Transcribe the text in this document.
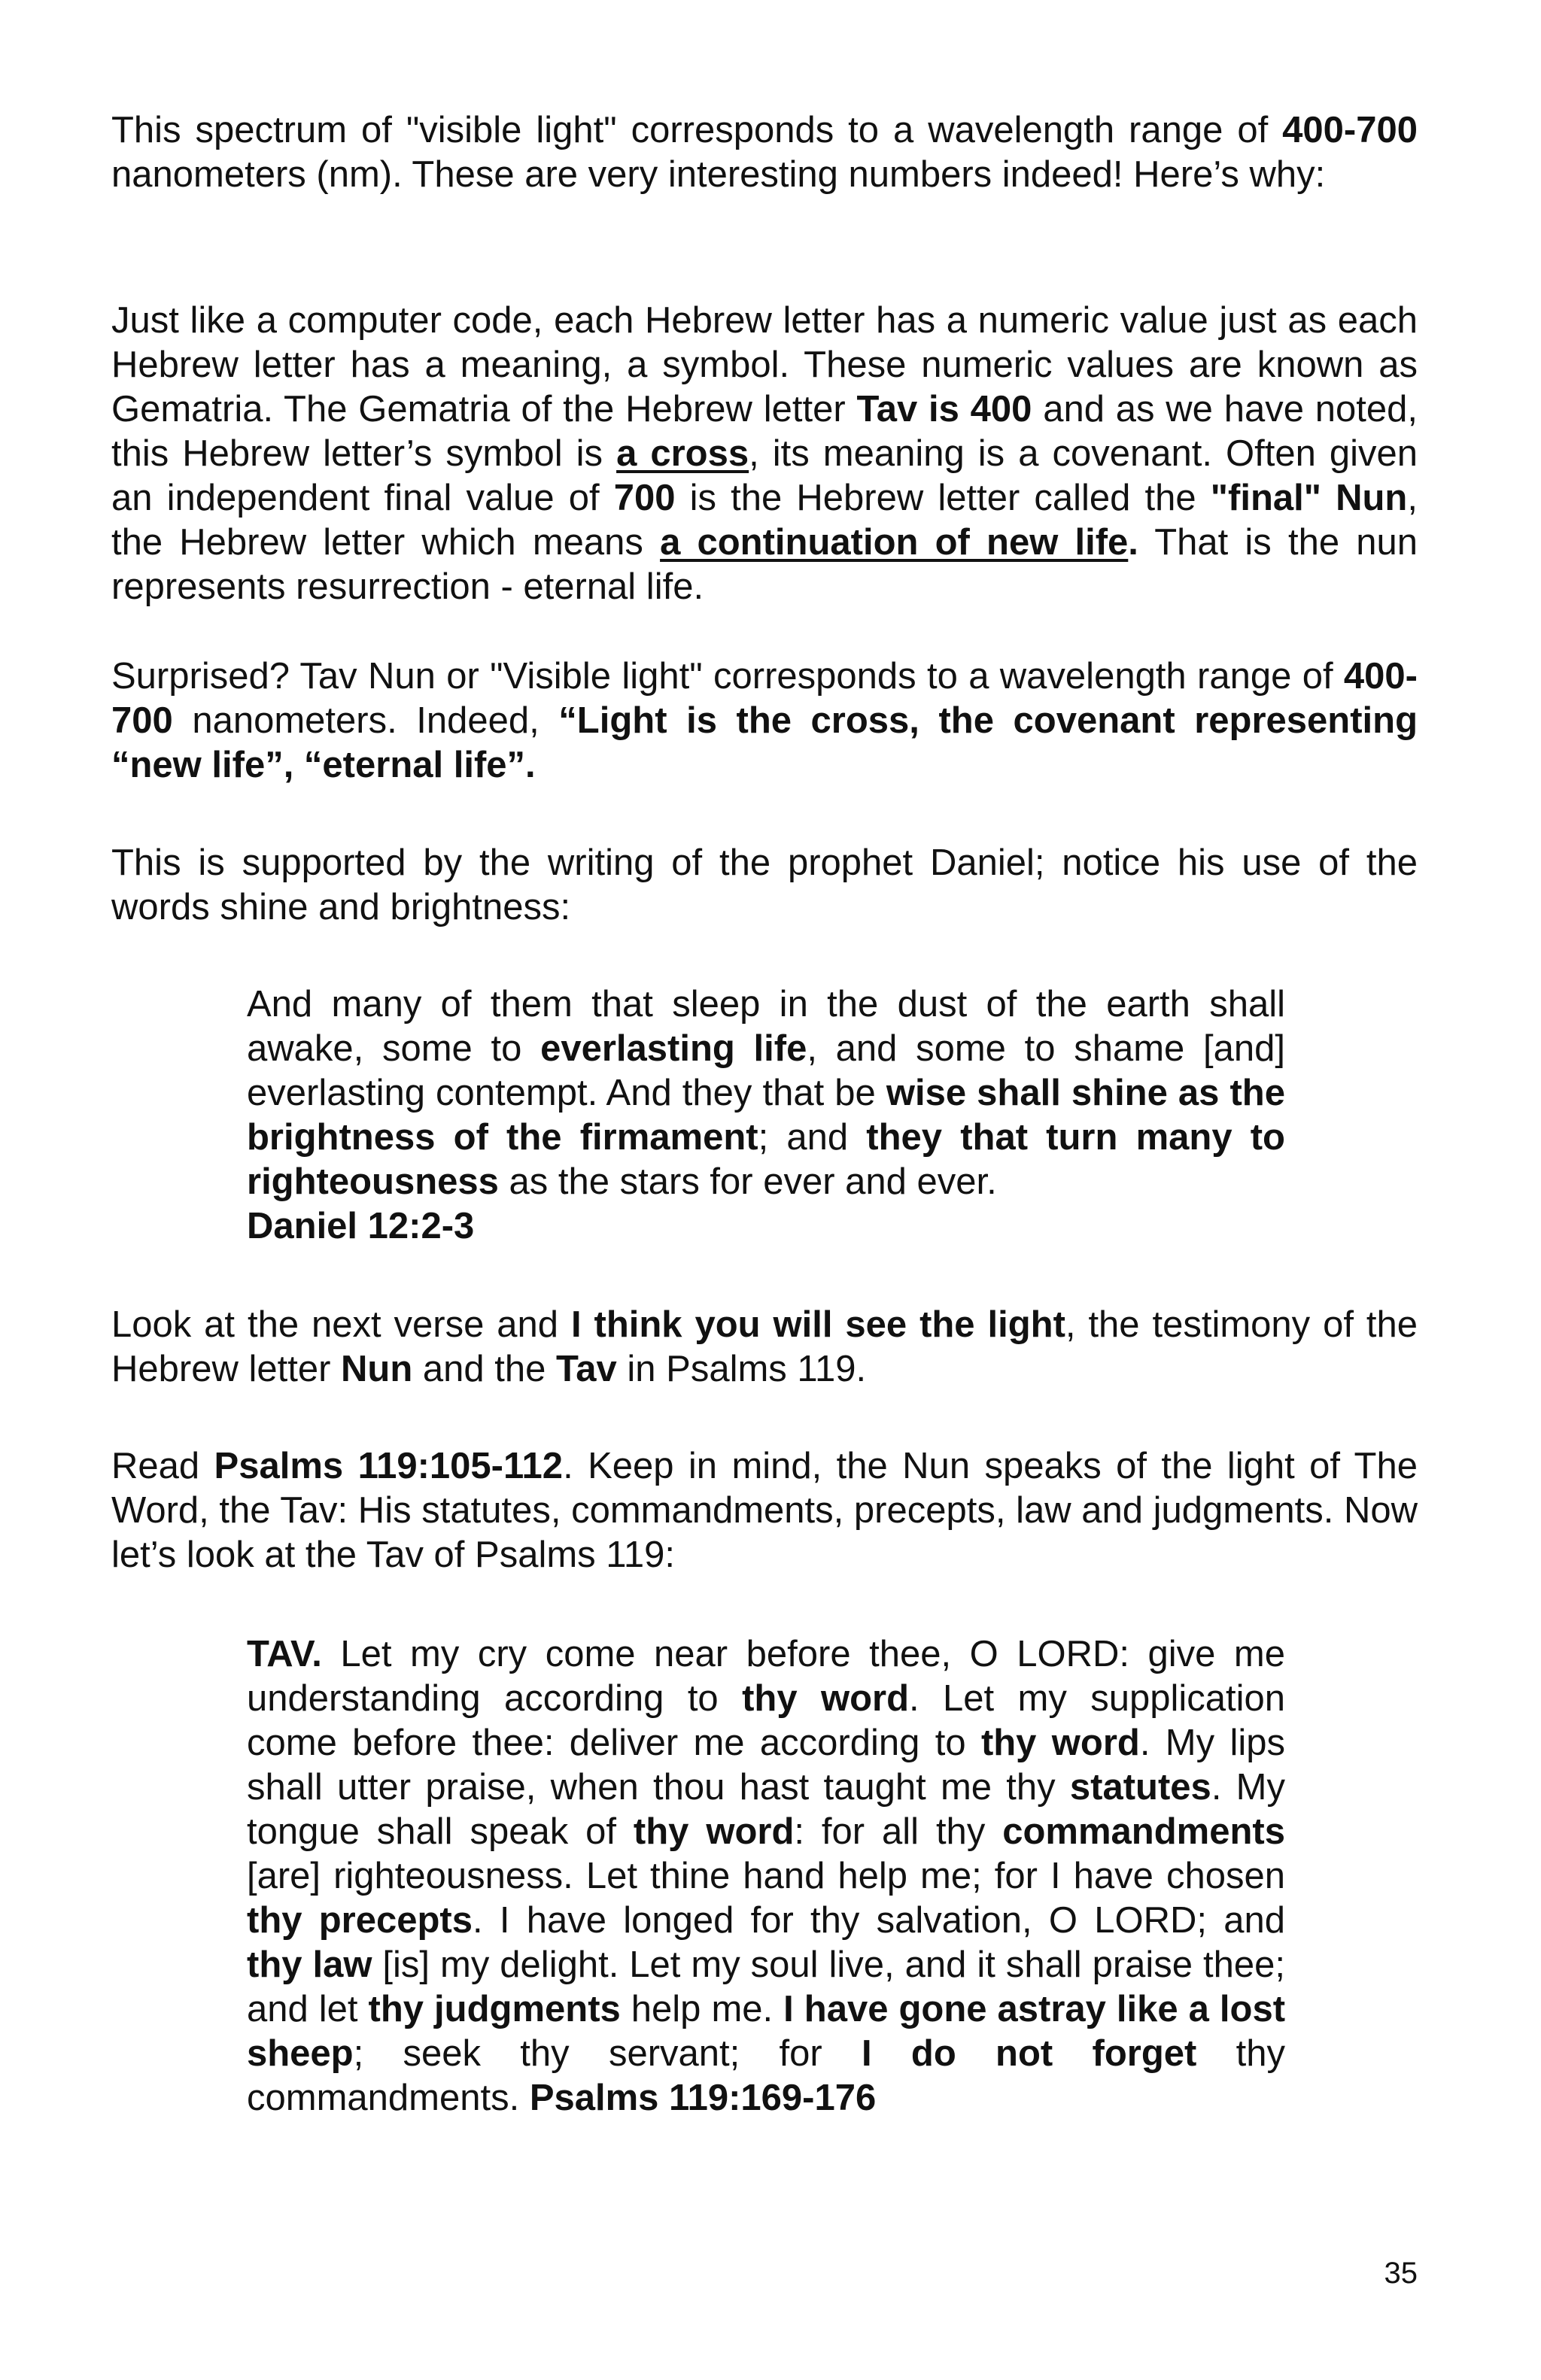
This spectrum of "visible light" corresponds to a wavelength range of 400-700 nanometers (nm). These are very interesting numbers indeed! Here’s why:

Just like a computer code, each Hebrew letter has a numeric value just as each Hebrew letter has a meaning, a symbol. These numeric values are known as Gematria. The Gematria of the Hebrew letter Tav is 400 and as we have noted, this Hebrew letter’s symbol is a cross, its meaning is a covenant. Often given an independent final value of 700 is the Hebrew letter called the "final" Nun, the Hebrew letter which means a continuation of new life. That is the nun represents resurrection - eternal life.

Surprised? Tav Nun or "Visible light" corresponds to a wavelength range of 400-700 nanometers. Indeed, “Light is the cross, the covenant representing “new life”, “eternal life”.

This is supported by the writing of the prophet Daniel; notice his use of the words shine and brightness:

And many of them that sleep in the dust of the earth shall awake, some to everlasting life, and some to shame [and] everlasting contempt. And they that be wise shall shine as the brightness of the firmament; and they that turn many to righteousness as the stars for ever and ever.
Daniel 12:2-3

Look at the next verse and I think you will see the light, the testimony of the Hebrew letter Nun and the Tav in Psalms 119.

Read Psalms 119:105-112. Keep in mind, the Nun speaks of the light of The Word, the Tav: His statutes, commandments, precepts, law and judgments. Now let’s look at the Tav of Psalms 119:

TAV. Let my cry come near before thee, O LORD: give me understanding according to thy word. Let my supplication come before thee: deliver me according to thy word. My lips shall utter praise, when thou hast taught me thy statutes. My tongue shall speak of thy word: for all thy commandments [are] righteousness. Let thine hand help me; for I have chosen thy precepts. I have longed for thy salvation, O LORD; and thy law [is] my delight. Let my soul live, and it shall praise thee; and let thy judgments help me. I have gone astray like a lost sheep; seek thy servant; for I do not forget thy commandments. Psalms 119:169-176

35
